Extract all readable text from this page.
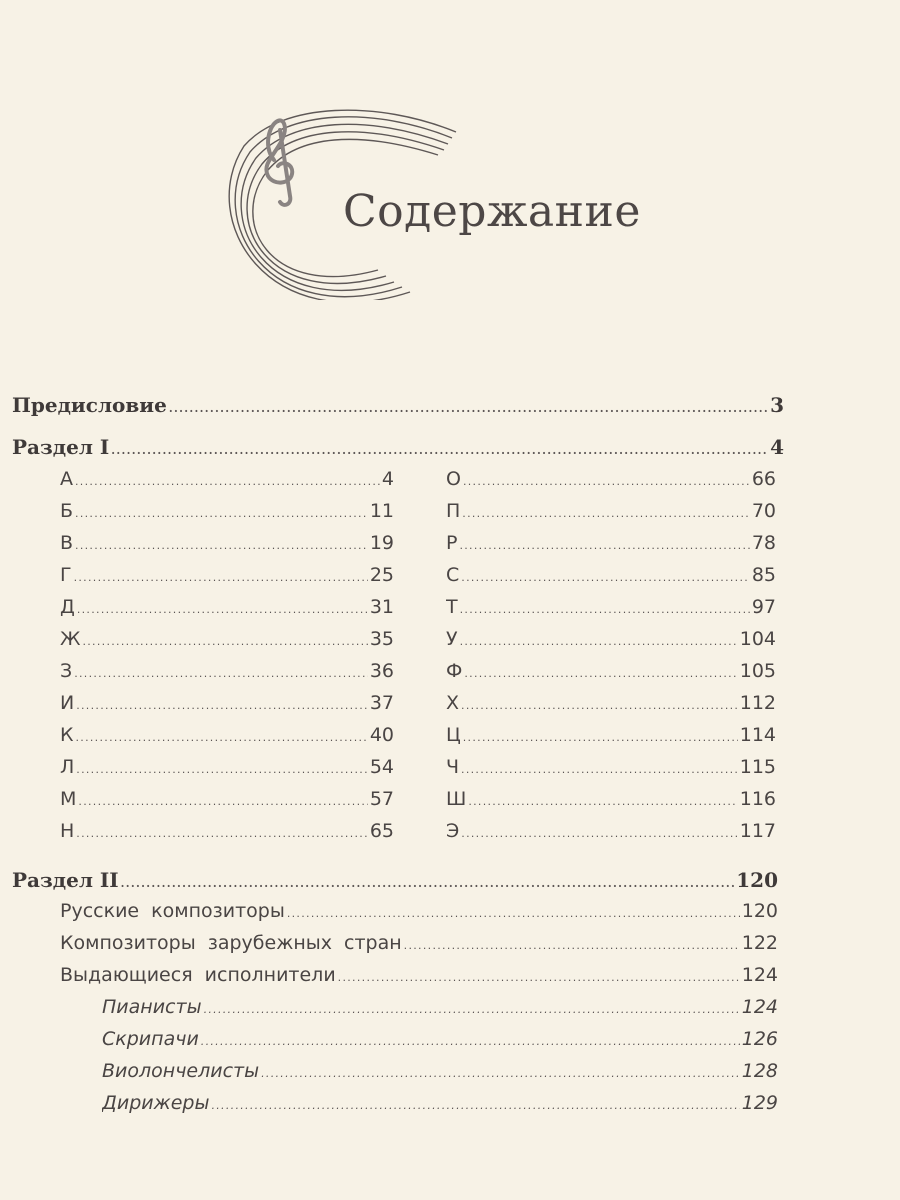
Содержание
Предисловие .....	3
Раздел I .....	4
А .....	4
Б .....	11
В .....	19
Г .....	25
Д .....	31
Ж .....	35
З .....	36
И .....	37
К .....	40
Л .....	54
М .....	57
Н .....	65
О .....	66
П .....	70
Р .....	78
С .....	85
Т .....	97
У .....	104
Ф .....	105
Х .....	112
Ц .....	114
Ч .....	115
Ш .....	116
Э .....	117
Раздел II .....	120
Русские композиторы .....	120
Композиторы зарубежных стран .....	122
Выдающиеся исполнители .....	124
Пианисты .....	124
Скрипачи .....	126
Виолончелисты .....	128
Дирижеры .....	129
